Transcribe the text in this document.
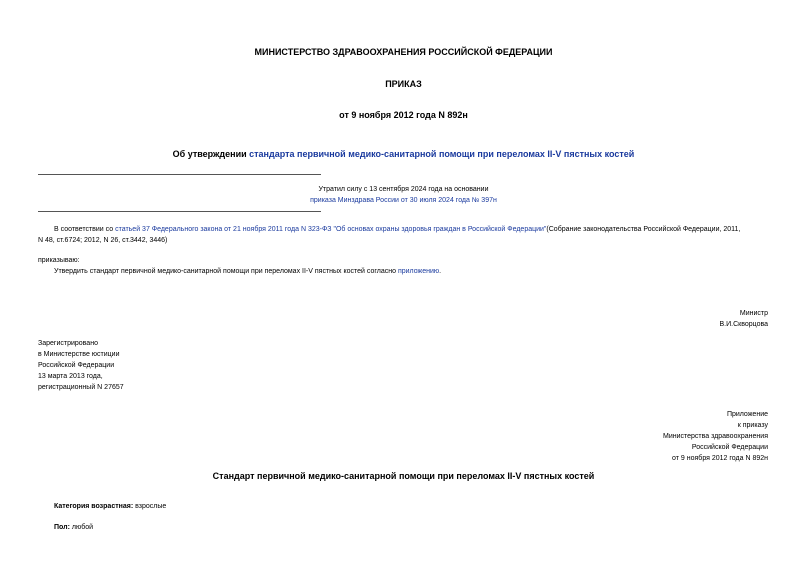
МИНИСТЕРСТВО ЗДРАВООХРАНЕНИЯ РОССИЙСКОЙ ФЕДЕРАЦИИ
ПРИКАЗ
от 9 ноября 2012 года N 892н
Об утверждении стандарта первичной медико-санитарной помощи при переломах II-V пястных костей
Утратил силу с 13 сентября 2024 года на основании
приказа Минздрава России от 30 июля 2024 года № 397н
В соответствии со статьей 37 Федерального закона от 21 ноября 2011 года N 323-ФЗ "Об основах охраны здоровья граждан в Российской Федерации"(Собрание законодательства Российской Федерации, 2011,
N 48, ст.6724; 2012, N 26, ст.3442, 3446)
приказываю:
Утвердить стандарт первичной медико-санитарной помощи при переломах II-V пястных костей согласно приложению.
Министр
В.И.Скворцова
Зарегистрировано
в Министерстве юстиции
Российской Федерации
13 марта 2013 года,
регистрационный N 27657
Приложение
к приказу
Министерства здравоохранения
Российской Федерации
от 9 ноября 2012 года N 892н
Стандарт первичной медико-санитарной помощи при переломах II-V пястных костей
Категория возрастная: взрослые
Пол: любой
